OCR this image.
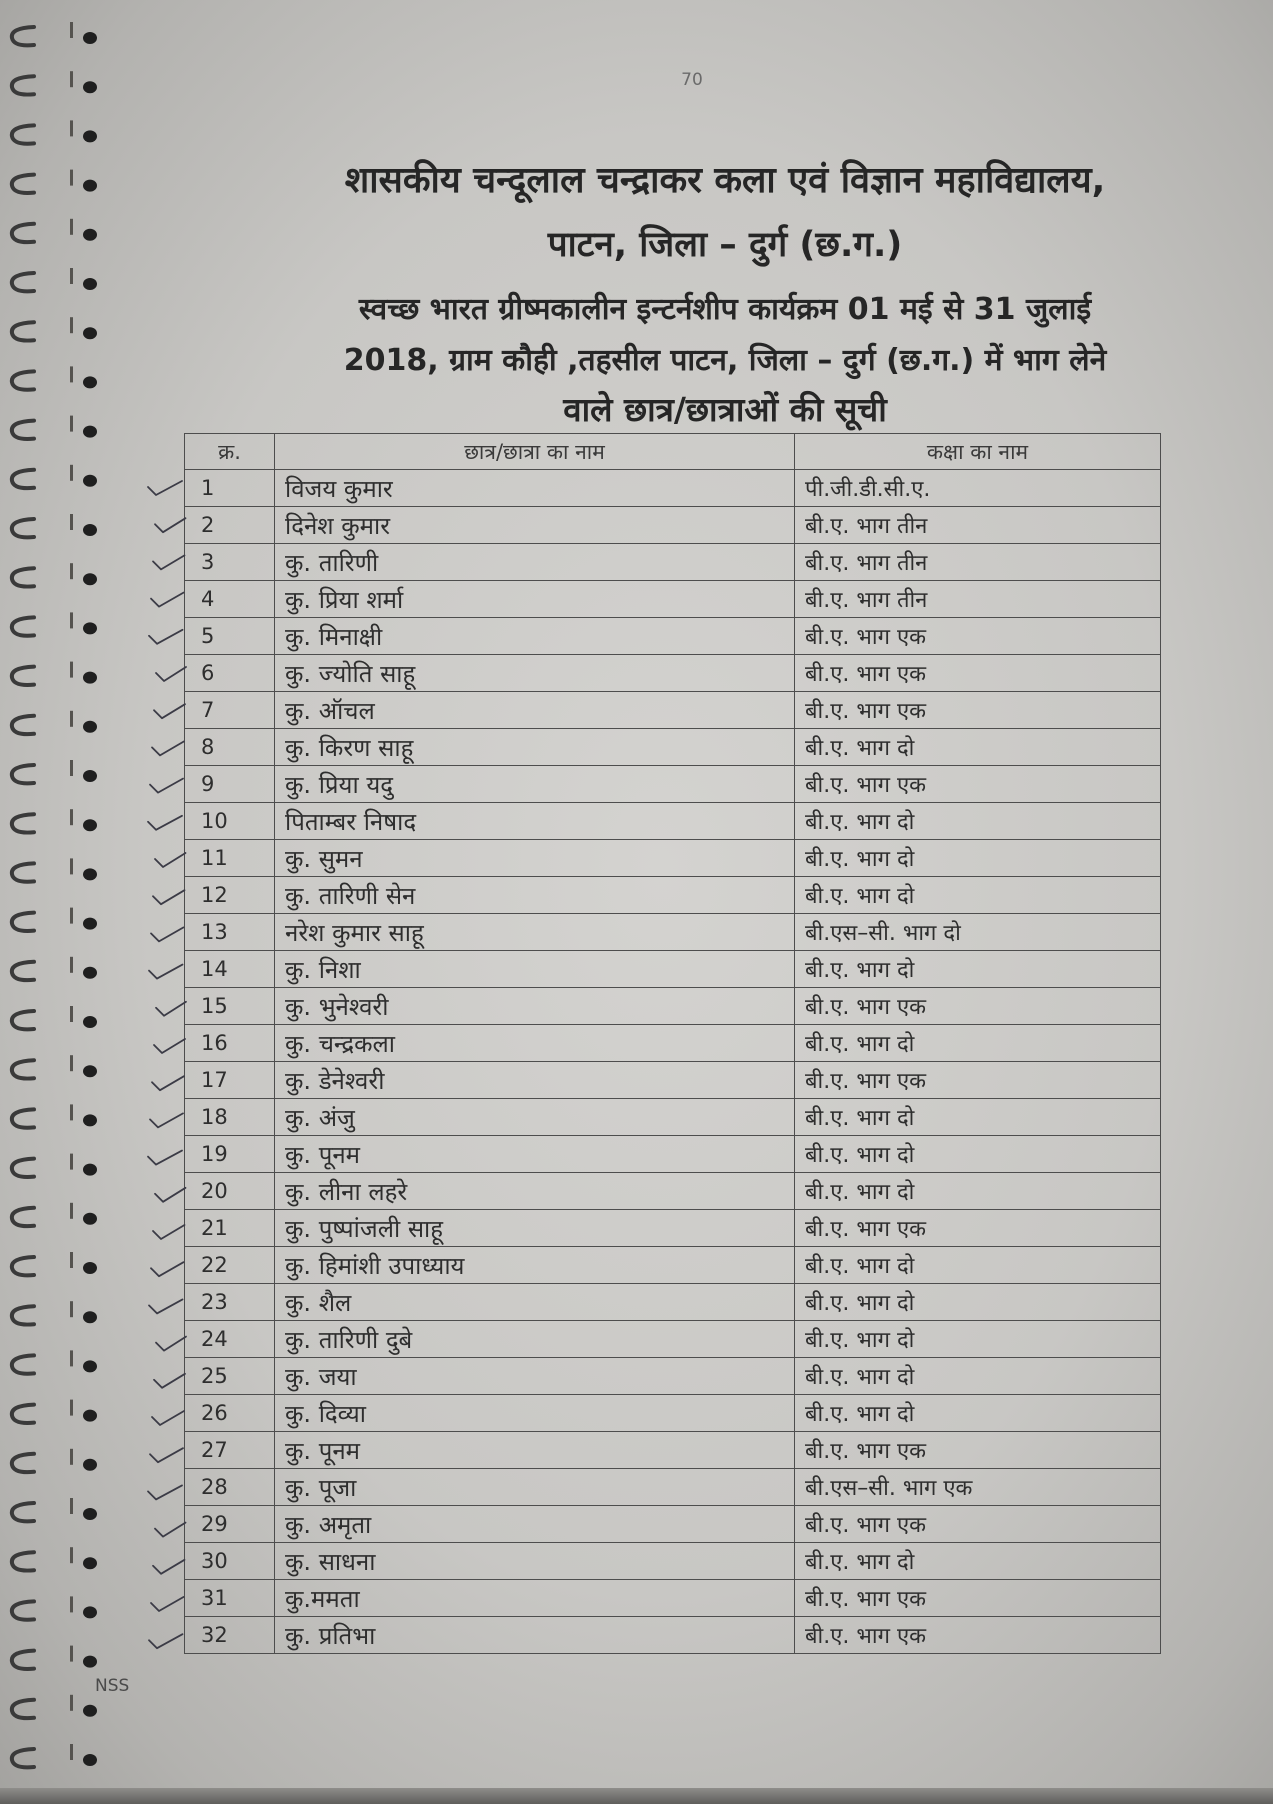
70
शासकीय चन्दूलाल चन्द्राकर कला एवं विज्ञान महाविद्यालय,
पाटन, जिला – दुर्ग (छ.ग.)
स्वच्छ भारत ग्रीष्मकालीन इन्टर्नशीप कार्यक्रम 01 मई से 31 जुलाई
2018, ग्राम कौही ,तहसील पाटन, जिला – दुर्ग (छ.ग.) में भाग लेने
वाले छात्र/छात्राओं की सूची
क्र.	छात्र/छात्रा का नाम	कक्षा का नाम
1	विजय कुमार	पी.जी.डी.सी.ए.
2	दिनेश कुमार	बी.ए. भाग तीन
3	कु. तारिणी	बी.ए. भाग तीन
4	कु. प्रिया शर्मा	बी.ए. भाग तीन
5	कु. मिनाक्षी	बी.ए. भाग एक
6	कु. ज्योति साहू	बी.ए. भाग एक
7	कु. ऑचल	बी.ए. भाग एक
8	कु. किरण साहू	बी.ए. भाग दो
9	कु. प्रिया यदु	बी.ए. भाग एक
10	पिताम्बर निषाद	बी.ए. भाग दो
11	कु. सुमन	बी.ए. भाग दो
12	कु. तारिणी सेन	बी.ए. भाग दो
13	नरेश कुमार साहू	बी.एस–सी. भाग दो
14	कु. निशा	बी.ए. भाग दो
15	कु. भुनेश्वरी	बी.ए. भाग एक
16	कु. चन्द्रकला	बी.ए. भाग दो
17	कु. डेनेश्वरी	बी.ए. भाग एक
18	कु. अंजु	बी.ए. भाग दो
19	कु. पूनम	बी.ए. भाग दो
20	कु. लीना लहरे	बी.ए. भाग दो
21	कु. पुष्पांजली साहू	बी.ए. भाग एक
22	कु. हिमांशी उपाध्याय	बी.ए. भाग दो
23	कु. शैल	बी.ए. भाग दो
24	कु. तारिणी दुबे	बी.ए. भाग दो
25	कु. जया	बी.ए. भाग दो
26	कु. दिव्या	बी.ए. भाग दो
27	कु. पूनम	बी.ए. भाग एक
28	कु. पूजा	बी.एस–सी. भाग एक
29	कु. अमृता	बी.ए. भाग एक
30	कु. साधना	बी.ए. भाग दो
31	कु.ममता	बी.ए. भाग एक
32	कु. प्रतिभा	बी.ए. भाग एक
NSS
